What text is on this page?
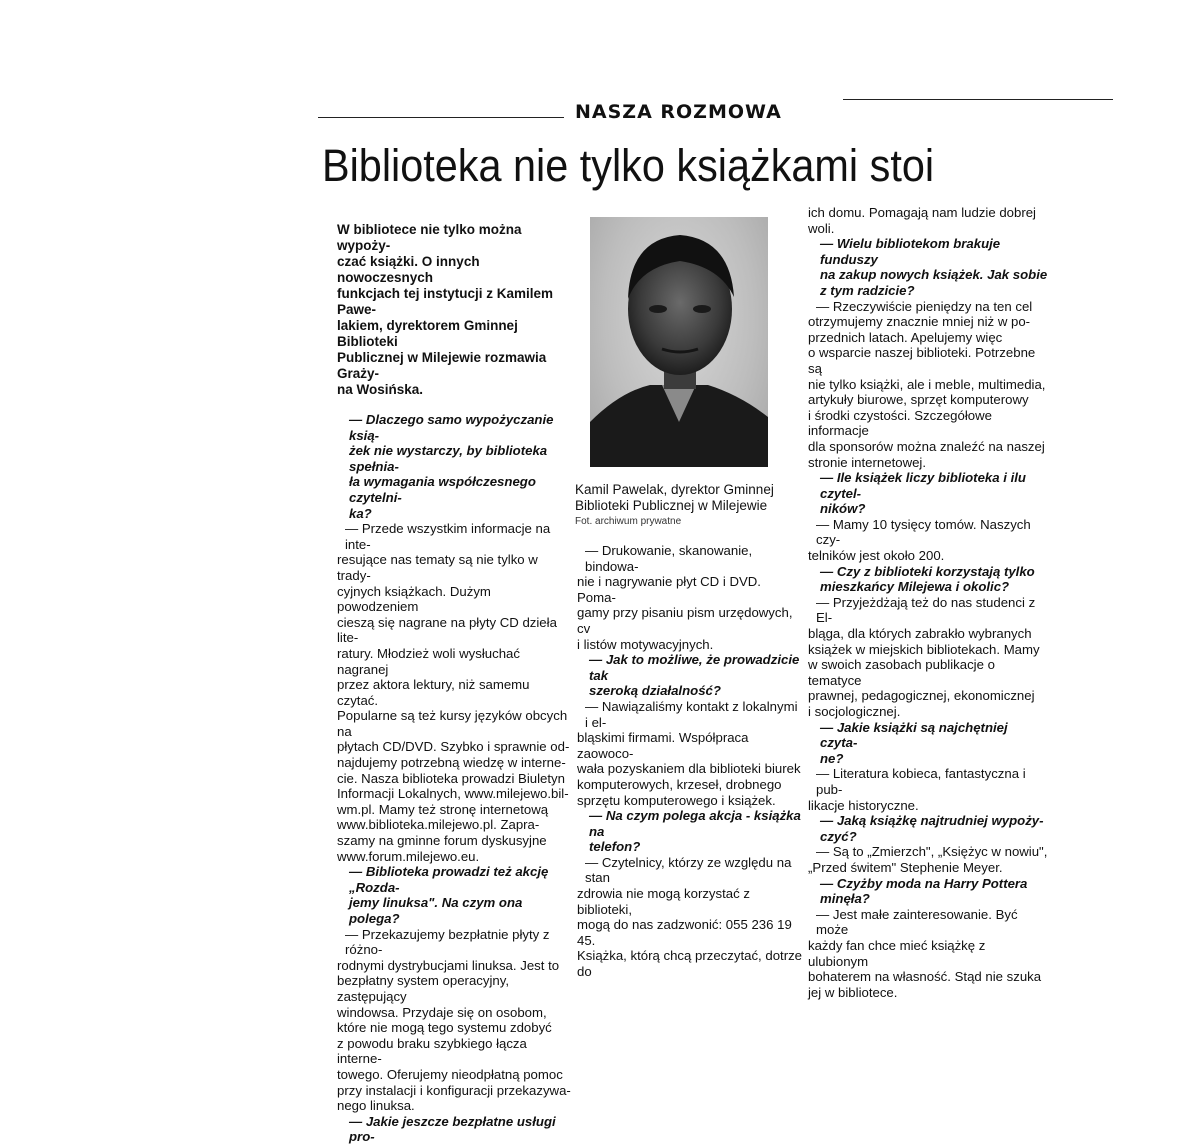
NASZA ROZMOWA
Biblioteka nie tylko książkami stoi

W bibliotece nie tylko można wypoży-

czać książki. O innych nowoczesnych

funkcjach tej instytucji z Kamilem Pawe-

lakiem, dyrektorem Gminnej Biblioteki

Publicznej w Milejewie rozmawia Graży-

na Wosińska.

— Dlaczego samo wypożyczanie ksią-

żek nie wystarczy, by biblioteka spełnia-

ła wymagania współczesnego czytelni-

ka?

— Przede wszystkim informacje na inte-

resujące nas tematy są nie tylko w trady-

cyjnych książkach. Dużym powodzeniem

cieszą się nagrane na płyty CD dzieła lite-

ratury. Młodzież woli wysłuchać nagranej

przez aktora lektury, niż samemu czytać.

Popularne są też kursy języków obcych na

płytach CD/DVD. Szybko i sprawnie od-

najdujemy potrzebną wiedzę w interne-

cie. Nasza biblioteka prowadzi Biuletyn

Informacji Lokalnych, www.milejewo.bil-

wm.pl. Mamy też stronę internetową

www.biblioteka.milejewo.pl. Zapra-

szamy na gminne forum dyskusyjne

www.forum.milejewo.eu.

— Biblioteka prowadzi też akcję „Rozda-

jemy linuksa". Na czym ona polega?

— Przekazujemy bezpłatnie płyty z różno-

rodnymi dystrybucjami linuksa. Jest to

bezpłatny system operacyjny, zastępujący

windowsa. Przydaje się on osobom,

które nie mogą tego systemu zdobyć

z powodu braku szybkiego łącza interne-

towego. Oferujemy nieodpłatną pomoc

przy instalacji i konfiguracji przekazywa-

nego linuksa.

— Jakie jeszcze bezpłatne usługi pro-

Kamil Pawelak, dyrektor Gminnej
Biblioteki Publicznej w Milejewie
Fot. archiwum prywatne

— Drukowanie, skanowanie, bindowa-

nie i nagrywanie płyt CD i DVD. Poma-

gamy przy pisaniu pism urzędowych, cv

i listów motywacyjnych.

— Jak to możliwe, że prowadzicie tak

szeroką działalność?

— Nawiązaliśmy kontakt z lokalnymi i el-

bląskimi firmami. Współpraca zaowoco-

wała pozyskaniem dla biblioteki biurek

komputerowych, krzeseł, drobnego

sprzętu komputerowego i książek.

— Na czym polega akcja - książka na

telefon?

— Czytelnicy, którzy ze względu na stan

zdrowia nie mogą korzystać z biblioteki,

mogą do nas zadzwonić: 055 236 19 45.

Książka, którą chcą przeczytać, dotrze do

ich domu. Pomagają nam ludzie dobrej

woli.

— Wielu bibliotekom brakuje funduszy

na zakup nowych książek. Jak sobie

z tym radzicie?

— Rzeczywiście pieniędzy na ten cel

otrzymujemy znacznie mniej niż w po-

przednich latach. Apelujemy więc

o wsparcie naszej biblioteki. Potrzebne są

nie tylko książki, ale i meble, multimedia,

artykuły biurowe, sprzęt komputerowy

i środki czystości. Szczegółowe informacje

dla sponsorów można znaleźć na naszej

stronie internetowej.

— Ile książek liczy biblioteka i ilu czytel-

ników?

— Mamy 10 tysięcy tomów. Naszych czy-

telników jest około 200.

— Czy z biblioteki korzystają tylko

mieszkańcy Milejewa i okolic?

— Przyjeżdżają też do nas studenci z El-

bląga, dla których zabrakło wybranych

książek w miejskich bibliotekach. Mamy

w swoich zasobach publikacje o tematyce

prawnej, pedagogicznej, ekonomicznej

i socjologicznej.

— Jakie książki są najchętniej czyta-

ne?

— Literatura kobieca, fantastyczna i pub-

likacje historyczne.

— Jaką książkę najtrudniej wypoży-

czyć?

— Są to „Zmierzch", „Księżyc w nowiu",

„Przed świtem" Stephenie Meyer.

— Czyżby moda na Harry Pottera minęła?

— Jest małe zainteresowanie. Być może

każdy fan chce mieć książkę z ulubionym

bohaterem na własność. Stąd nie szuka

jej w bibliotece.
